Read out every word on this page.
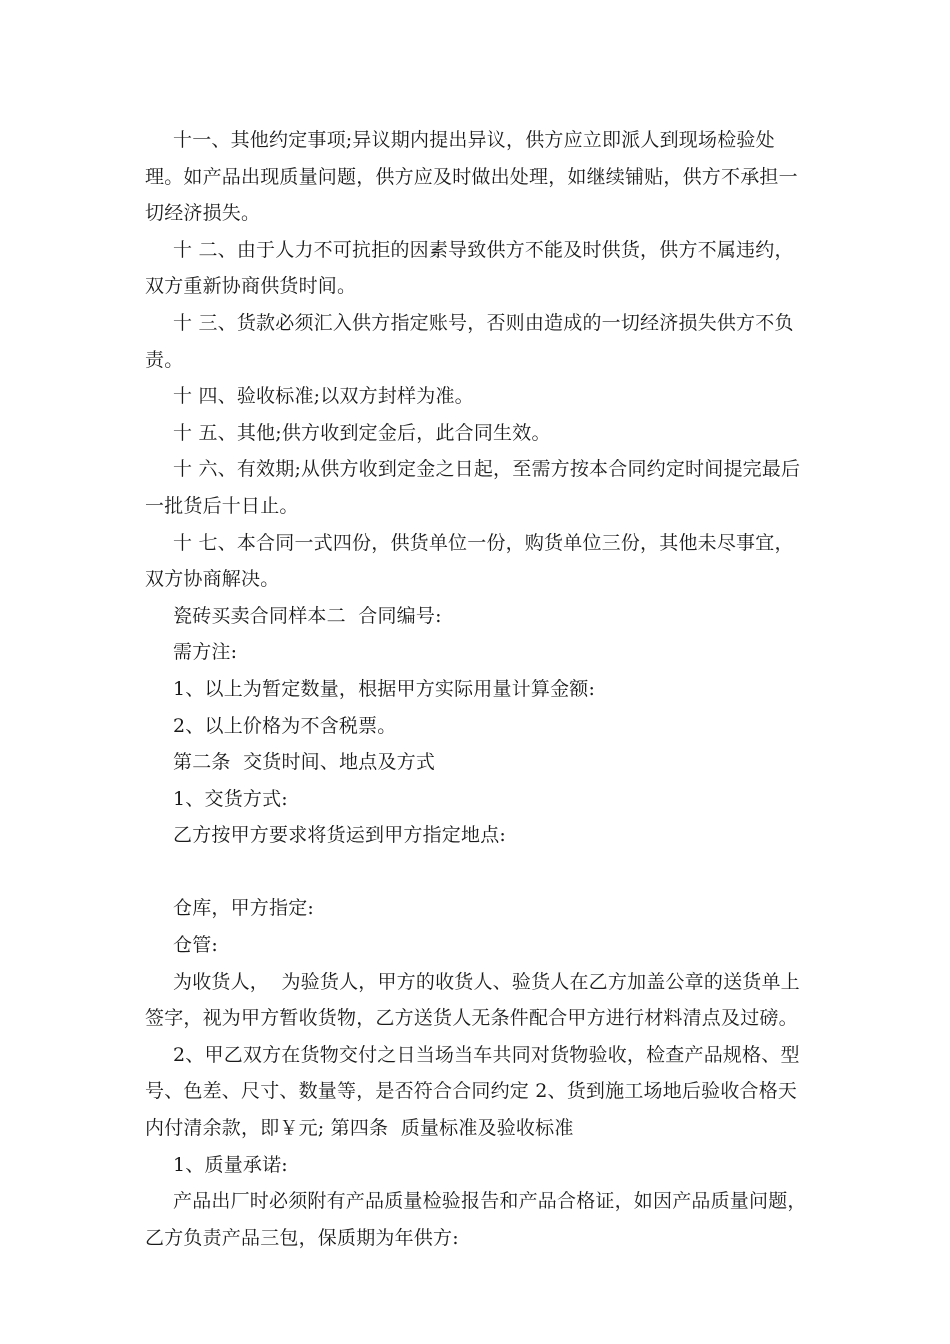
十一、其他约定事项;异议期内提出异议，供方应立即派人到现场检验处理。如产品出现质量问题，供方应及时做出处理，如继续铺贴，供方不承担一切经济损失。

十 二、由于人力不可抗拒的因素导致供方不能及时供货，供方不属违约，双方重新协商供货时间。

十 三、货款必须汇入供方指定账号，否则由造成的一切经济损失供方不负责。

十 四、验收标准;以双方封样为准。

十 五、其他;供方收到定金后，此合同生效。

十 六、有效期;从供方收到定金之日起，至需方按本合同约定时间提完最后一批货后十日止。

十 七、本合同一式四份，供货单位一份，购货单位三份，其他未尽事宜，双方协商解决。

瓷砖买卖合同样本二  合同编号:

需方注:

1、以上为暂定数量，根据甲方实际用量计算金额:

2、以上价格为不含税票。

第二条  交货时间、地点及方式

1、交货方式:

乙方按甲方要求将货运到甲方指定地点:

仓库，甲方指定:

仓管:

为收货人，  为验货人，甲方的收货人、验货人在乙方加盖公章的送货单上签字，视为甲方暂收货物，乙方送货人无条件配合甲方进行材料清点及过磅。

2、甲乙双方在货物交付之日当场当车共同对货物验收，检查产品规格、型号、色差、尺寸、数量等，是否符合合同约定 2、货到施工场地后验收合格天内付清余款，即￥元; 第四条  质量标准及验收标准

1、质量承诺:

产品出厂时必须附有产品质量检验报告和产品合格证，如因产品质量问题，乙方负责产品三包，保质期为年供方:
